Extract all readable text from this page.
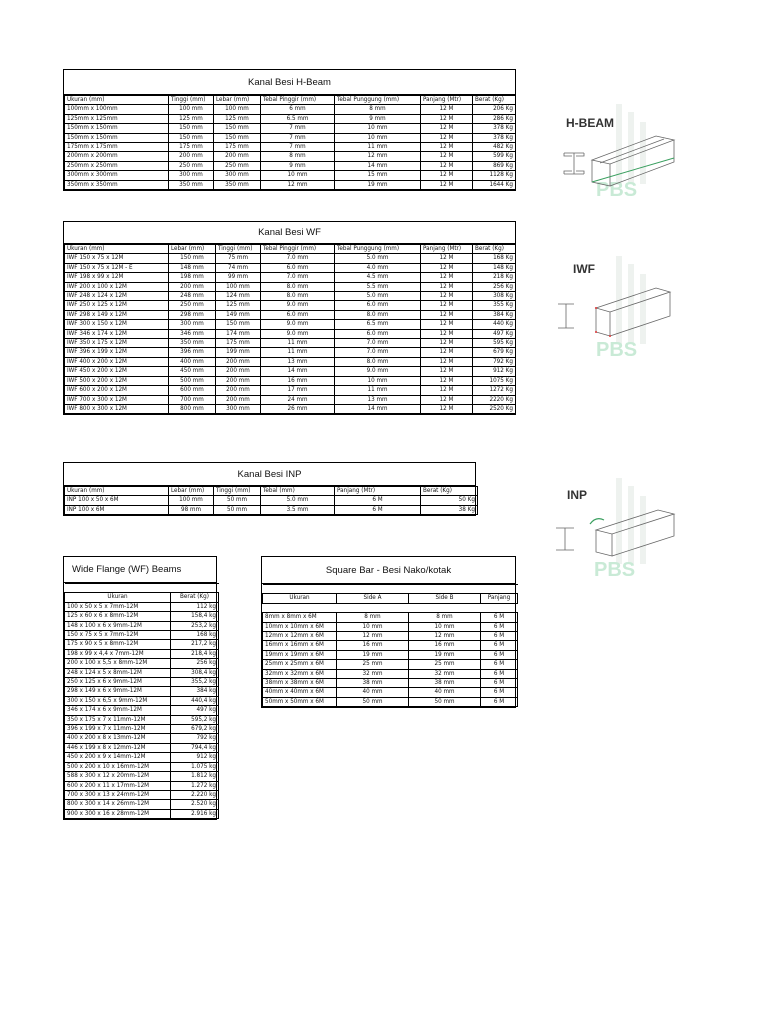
Kanal Besi H-Beam
Ukuran (mm)	Tinggi (mm)	Lebar (mm)	Tebal Pinggir (mm)	Tebal Punggung (mm)	Panjang (Mtr)	Berat (Kg)
100mm x 100mm	100 mm	100 mm	6 mm	8 mm	12 M	206 Kg
125mm x 125mm	125 mm	125 mm	6.5 mm	9 mm	12 M	286 Kg
150mm x 150mm	150 mm	150 mm	7 mm	10 mm	12 M	378 Kg
150mm x 150mm	150 mm	150 mm	7 mm	10 mm	12 M	378 Kg
175mm x 175mm	175 mm	175 mm	7 mm	11 mm	12 M	482 Kg
200mm x 200mm	200 mm	200 mm	8 mm	12 mm	12 M	599 Kg
250mm x 250mm	250 mm	250 mm	9 mm	14 mm	12 M	869 Kg
300mm x 300mm	300 mm	300 mm	10 mm	15 mm	12 M	1128 Kg
350mm x 350mm	350 mm	350 mm	12 mm	19 mm	12 M	1644 Kg
Kanal Besi WF
Ukuran (mm)	Lebar (mm)	Tinggi (mm)	Tebal Pinggir (mm)	Tebal Punggung (mm)	Panjang (Mtr)	Berat (Kg)
IWF 150 x 75 x 12M	150 mm	75 mm	7.0 mm	5.0 mm	12 M	168 Kg
IWF 150 x 75 x 12M - E	148 mm	74 mm	6.0 mm	4.0 mm	12 M	148 Kg
IWF 198 x 99 x 12M	198 mm	99 mm	7.0 mm	4.5 mm	12 M	218 Kg
IWF 200 x 100 x 12M	200 mm	100 mm	8.0 mm	5.5 mm	12 M	256 Kg
IWF 248 x 124 x 12M	248 mm	124 mm	8.0 mm	5.0 mm	12 M	308 Kg
IWF 250 x 125 x 12M	250 mm	125 mm	9.0 mm	6.0 mm	12 M	355 Kg
IWF 298 x 149 x 12M	298 mm	149 mm	6.0 mm	8.0 mm	12 M	384 Kg
IWF 300 x 150 x 12M	300 mm	150 mm	9.0 mm	6.5 mm	12 M	440 Kg
IWF 346 x 174 x 12M	346 mm	174 mm	9.0 mm	6.0 mm	12 M	497 Kg
IWF 350 x 175 x 12M	350 mm	175 mm	11 mm	7.0 mm	12 M	595 Kg
IWF 396 x 199 x 12M	396 mm	199 mm	11 mm	7.0 mm	12 M	679 Kg
IWF 400 x 200 x 12M	400 mm	200 mm	13 mm	8.0 mm	12 M	792 Kg
IWF 450 x 200 x 12M	450 mm	200 mm	14 mm	9.0 mm	12 M	912 Kg
IWF 500 x 200 x 12M	500 mm	200 mm	16 mm	10 mm	12 M	1075 Kg
IWF 600 x 200 x 12M	600 mm	200 mm	17 mm	11 mm	12 M	1272 Kg
IWF 700 x 300 x 12M	700 mm	200 mm	24 mm	13 mm	12 M	2220 Kg
IWF 800 x 300 x 12M	800 mm	300 mm	26 mm	14 mm	12 M	2520 Kg
Kanal Besi INP
Ukuran (mm)	Lebar (mm)	Tinggi (mm)	Tebal (mm)	Panjang (Mtr)	Berat (Kg)
INP 100 x 50 x 6M	100 mm	50 mm	5.0 mm	6 M	50 Kg
INP 100 x 6M	98 mm	50 mm	3.5 mm	6 M	38 Kg
Wide Flange (WF) Beams

Ukuran	Berat (Kg)
100 x 50 x 5 x 7mm-12M	112 kg
125 x 60 x 6 x 8mm-12M	158,4 kg
148 x 100 x 6 x 9mm-12M	253,2 kg
150 x 75 x 5 x 7mm-12M	168 kg
175 x 90 x 5 x 8mm-12M	217,2 kg
198 x 99 x 4,4 x 7mm-12M	218,4 kg
200 x 100 x 5,5 x 8mm-12M	256 kg
248 x 124 x 5 x 8mm-12M	308,4 kg
250 x 125 x 6 x 9mm-12M	355,2 kg
298 x 149 x 6 x 9mm-12M	384 kg
300 x 150 x 6,5 x 9mm-12M	440,4 kg
346 x 174 x 6 x 9mm-12M	497 kg
350 x 175 x 7 x 11mm-12M	595,2 kg
396 x 199 x 7 x 11mm-12M	679,2 kg
400 x 200 x 8 x 13mm-12M	792 kg
446 x 199 x 8 x 12mm-12M	794,4 kg
450 x 200 x 9 x 14mm-12M	912 kg
500 x 200 x 10 x 16mm-12M	1.075 kg
588 x 300 x 12 x 20mm-12M	1.812 kg
600 x 200 x 11 x 17mm-12M	1.272 kg
700 x 300 x 13 x 24mm-12M	2.220 kg
800 x 300 x 14 x 26mm-12M	2.520 kg
900 x 300 x 16 x 28mm-12M	2.916 kg
Square Bar - Besi Nako/kotak

Ukuran	Side A	Side B	Panjang

8mm x 8mm x 6M	8 mm	8 mm	6 M
10mm x 10mm x 6M	10 mm	10 mm	6 M
12mm x 12mm x 6M	12 mm	12 mm	6 M
16mm x 16mm x 6M	16 mm	16 mm	6 M
19mm x 19mm x 6M	19 mm	19 mm	6 M
25mm x 25mm x 6M	25 mm	25 mm	6 M
32mm x 32mm x 6M	32 mm	32 mm	6 M
38mm x 38mm x 6M	38 mm	38 mm	6 M
40mm x 40mm x 6M	40 mm	40 mm	6 M
50mm x 50mm x 6M	50 mm	50 mm	6 M
PBS
H-BEAM
PBS
IWF
PBS
INP
